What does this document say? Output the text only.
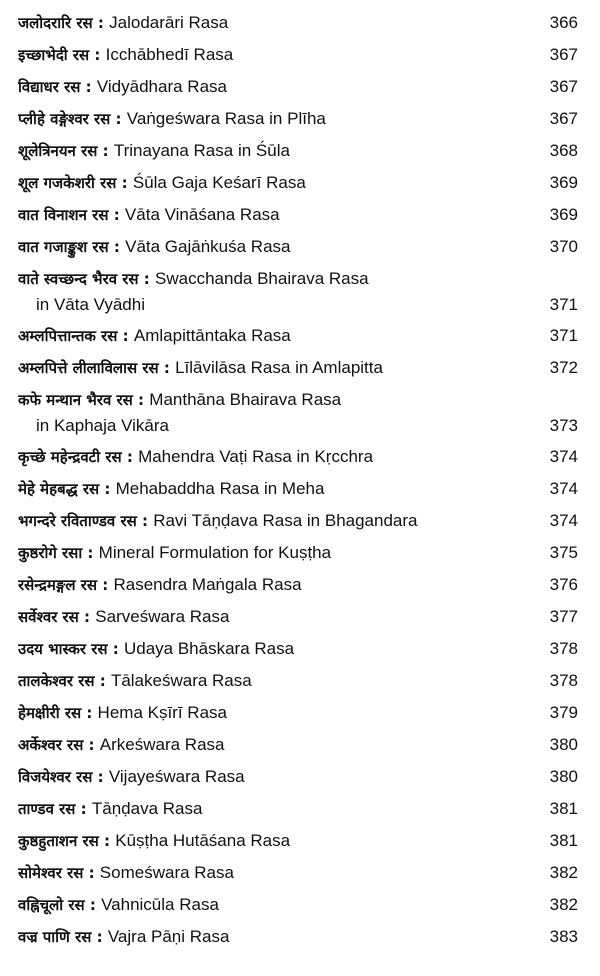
जलोदरारि रस : Jalodarāri Rasa	366
इच्छाभेदी रस : Icchābhedī Rasa	367
विद्याधर रस : Vidyādhara Rasa	367
प्लीहे वङ्गेश्वर रस : Vaṅgeśwara Rasa in Plīha	367
शूलेत्रिनयन रस : Trinayana Rasa in Śūla	368
शूल गजकेशरी रस : Śūla Gaja Keśarī Rasa	369
वात विनाशन रस : Vāta Vināśana Rasa	369
वात गजाङ्कुश रस : Vāta Gajāṅkuśa Rasa	370
वाते स्वच्छन्द भैरव रस : Swacchanda Bhairava Rasa
in Vāta Vyādhi	371
अम्लपित्तान्तक रस : Amlapittāntaka Rasa	371
अम्लपित्ते लीलाविलास रस : Līlāvilāsa Rasa in Amlapitta	372
कफे मन्थान भैरव रस : Manthāna Bhairava Rasa
in Kaphaja Vikāra	373
कृच्छे महेन्द्रवटी रस : Mahendra Vaṭi Rasa in Kṛcchra	374
मेहे मेहबद्ध रस : Mehabaddha Rasa in Meha	374
भगन्दरे रविताण्डव रस : Ravi Tāṇḍava Rasa in Bhagandara	374
कुष्ठरोगे रसा : Mineral Formulation for Kuṣṭha	375
रसेन्द्रमङ्गल रस : Rasendra Maṅgala Rasa	376
सर्वेश्वर रस : Sarveśwara Rasa	377
उदय भास्कर रस : Udaya Bhāskara Rasa	378
तालकेश्वर रस : Tālakeśwara Rasa	378
हेमक्षीरी रस : Hema Kṣīrī Rasa	379
अर्केश्वर रस : Arkeśwara Rasa	380
विजयेश्वर रस : Vijayeśwara Rasa	380
ताण्डव रस : Tāṇḍava Rasa	381
कुष्ठहुताशन रस : Kūṣṭha Hutāśana Rasa	381
सोमेश्वर रस : Someśwara Rasa	382
वह्निचूलो रस : Vahnicūla Rasa	382
वज्र पाणि रस : Vajra Pāṇi Rasa	383
